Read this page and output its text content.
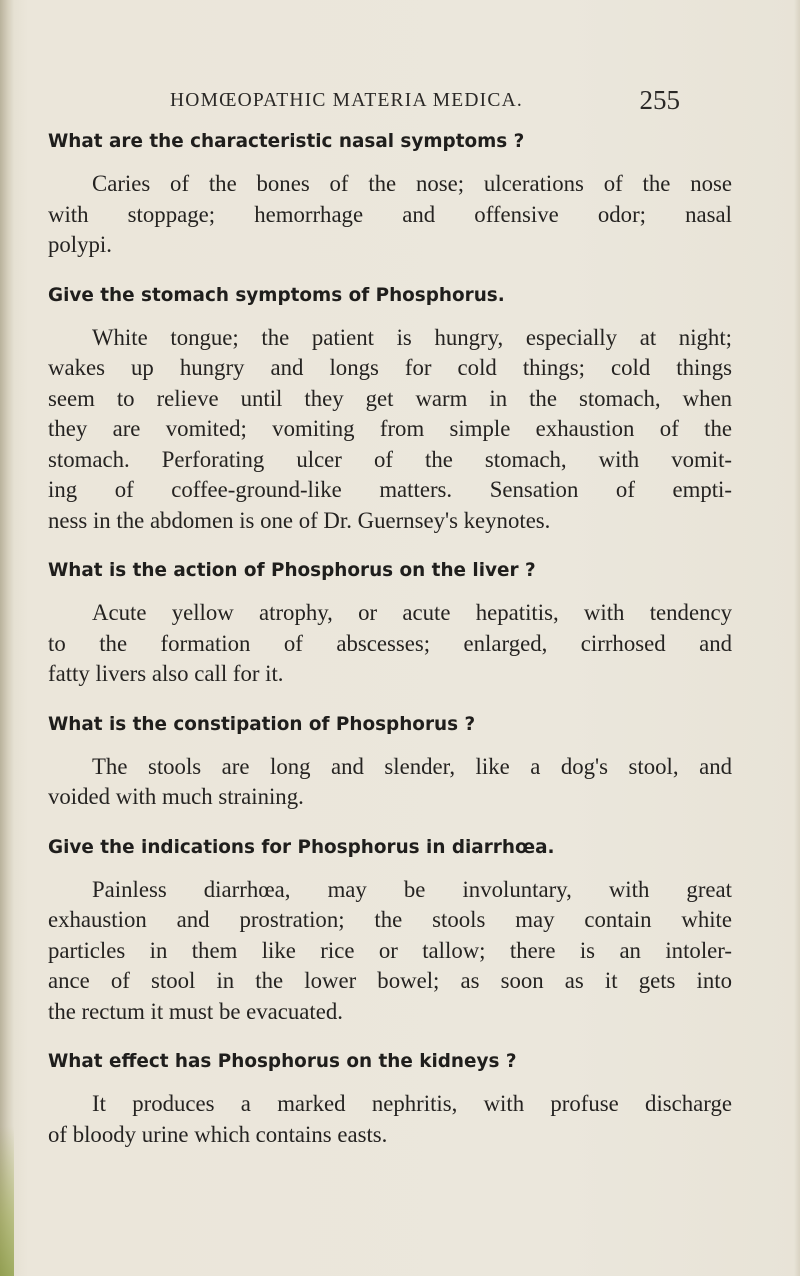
HOMŒOPATHIC MATERIA MEDICA.	255

What are the characteristic nasal symptoms ?

Caries of the bones of the nose; ulcerations of the nose
with stoppage; hemorrhage and offensive odor; nasal
polypi.

Give the stomach symptoms of Phosphorus.

White tongue; the patient is hungry, especially at night;
wakes up hungry and longs for cold things; cold things
seem to relieve until they get warm in the stomach, when
they are vomited; vomiting from simple exhaustion of the
stomach. Perforating ulcer of the stomach, with vomit-
ing of coffee-ground-like matters. Sensation of empti-
ness in the abdomen is one of Dr. Guernsey's keynotes.

What is the action of Phosphorus on the liver ?

Acute yellow atrophy, or acute hepatitis, with tendency
to the formation of abscesses; enlarged, cirrhosed and
fatty livers also call for it.

What is the constipation of Phosphorus ?

The stools are long and slender, like a dog's stool, and
voided with much straining.

Give the indications for Phosphorus in diarrhœa.

Painless diarrhœa, may be involuntary, with great
exhaustion and prostration; the stools may contain white
particles in them like rice or tallow; there is an intoler-
ance of stool in the lower bowel; as soon as it gets into
the rectum it must be evacuated.

What effect has Phosphorus on the kidneys ?

It produces a marked nephritis, with profuse discharge
of bloody urine which contains easts.
